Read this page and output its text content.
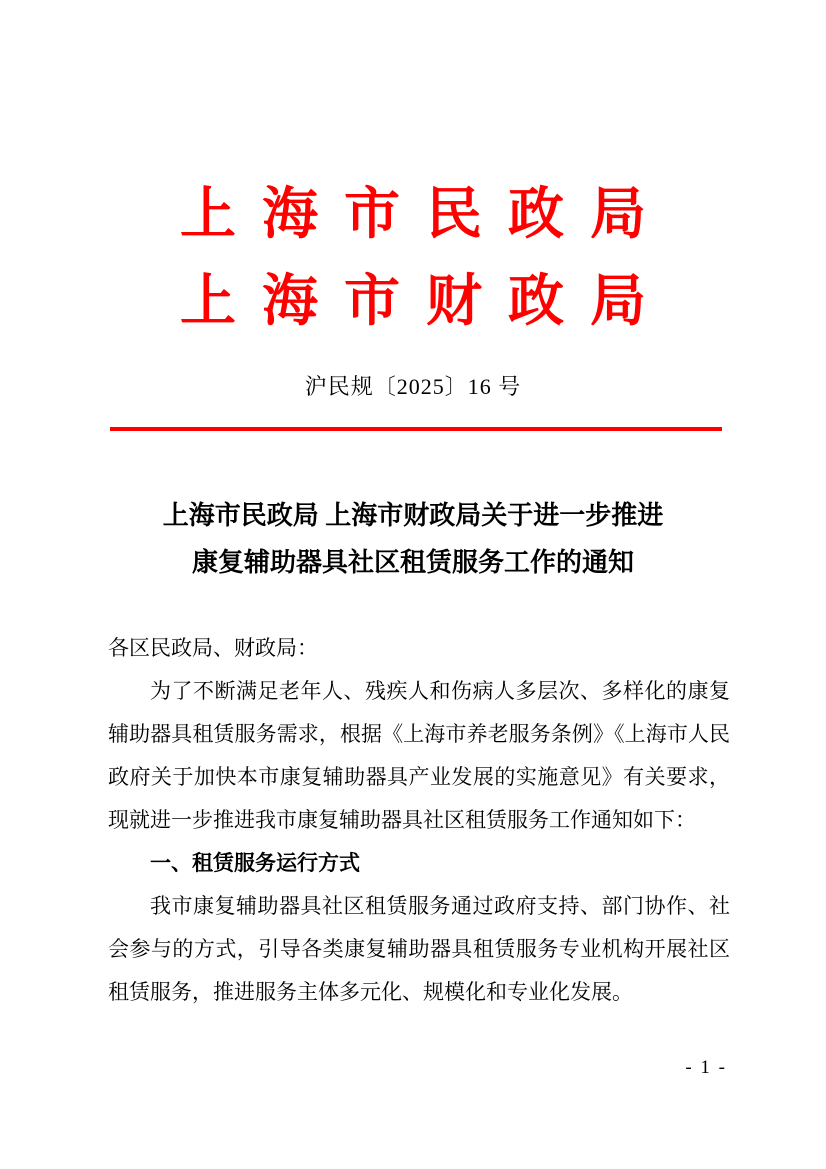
上海市民政局
上海市财政局
沪民规〔2025〕16 号
上海市民政局 上海市财政局关于进一步推进
康复辅助器具社区租赁服务工作的通知

各区民政局、财政局：

为了不断满足老年人、残疾人和伤病人多层次、多样化的康复辅助器具租赁服务需求，根据《上海市养老服务条例》《上海市人民政府关于加快本市康复辅助器具产业发展的实施意见》有关要求，现就进一步推进我市康复辅助器具社区租赁服务工作通知如下：

一、租赁服务运行方式

我市康复辅助器具社区租赁服务通过政府支持、部门协作、社会参与的方式，引导各类康复辅助器具租赁服务专业机构开展社区租赁服务，推进服务主体多元化、规模化和专业化发展。

- 1 -
